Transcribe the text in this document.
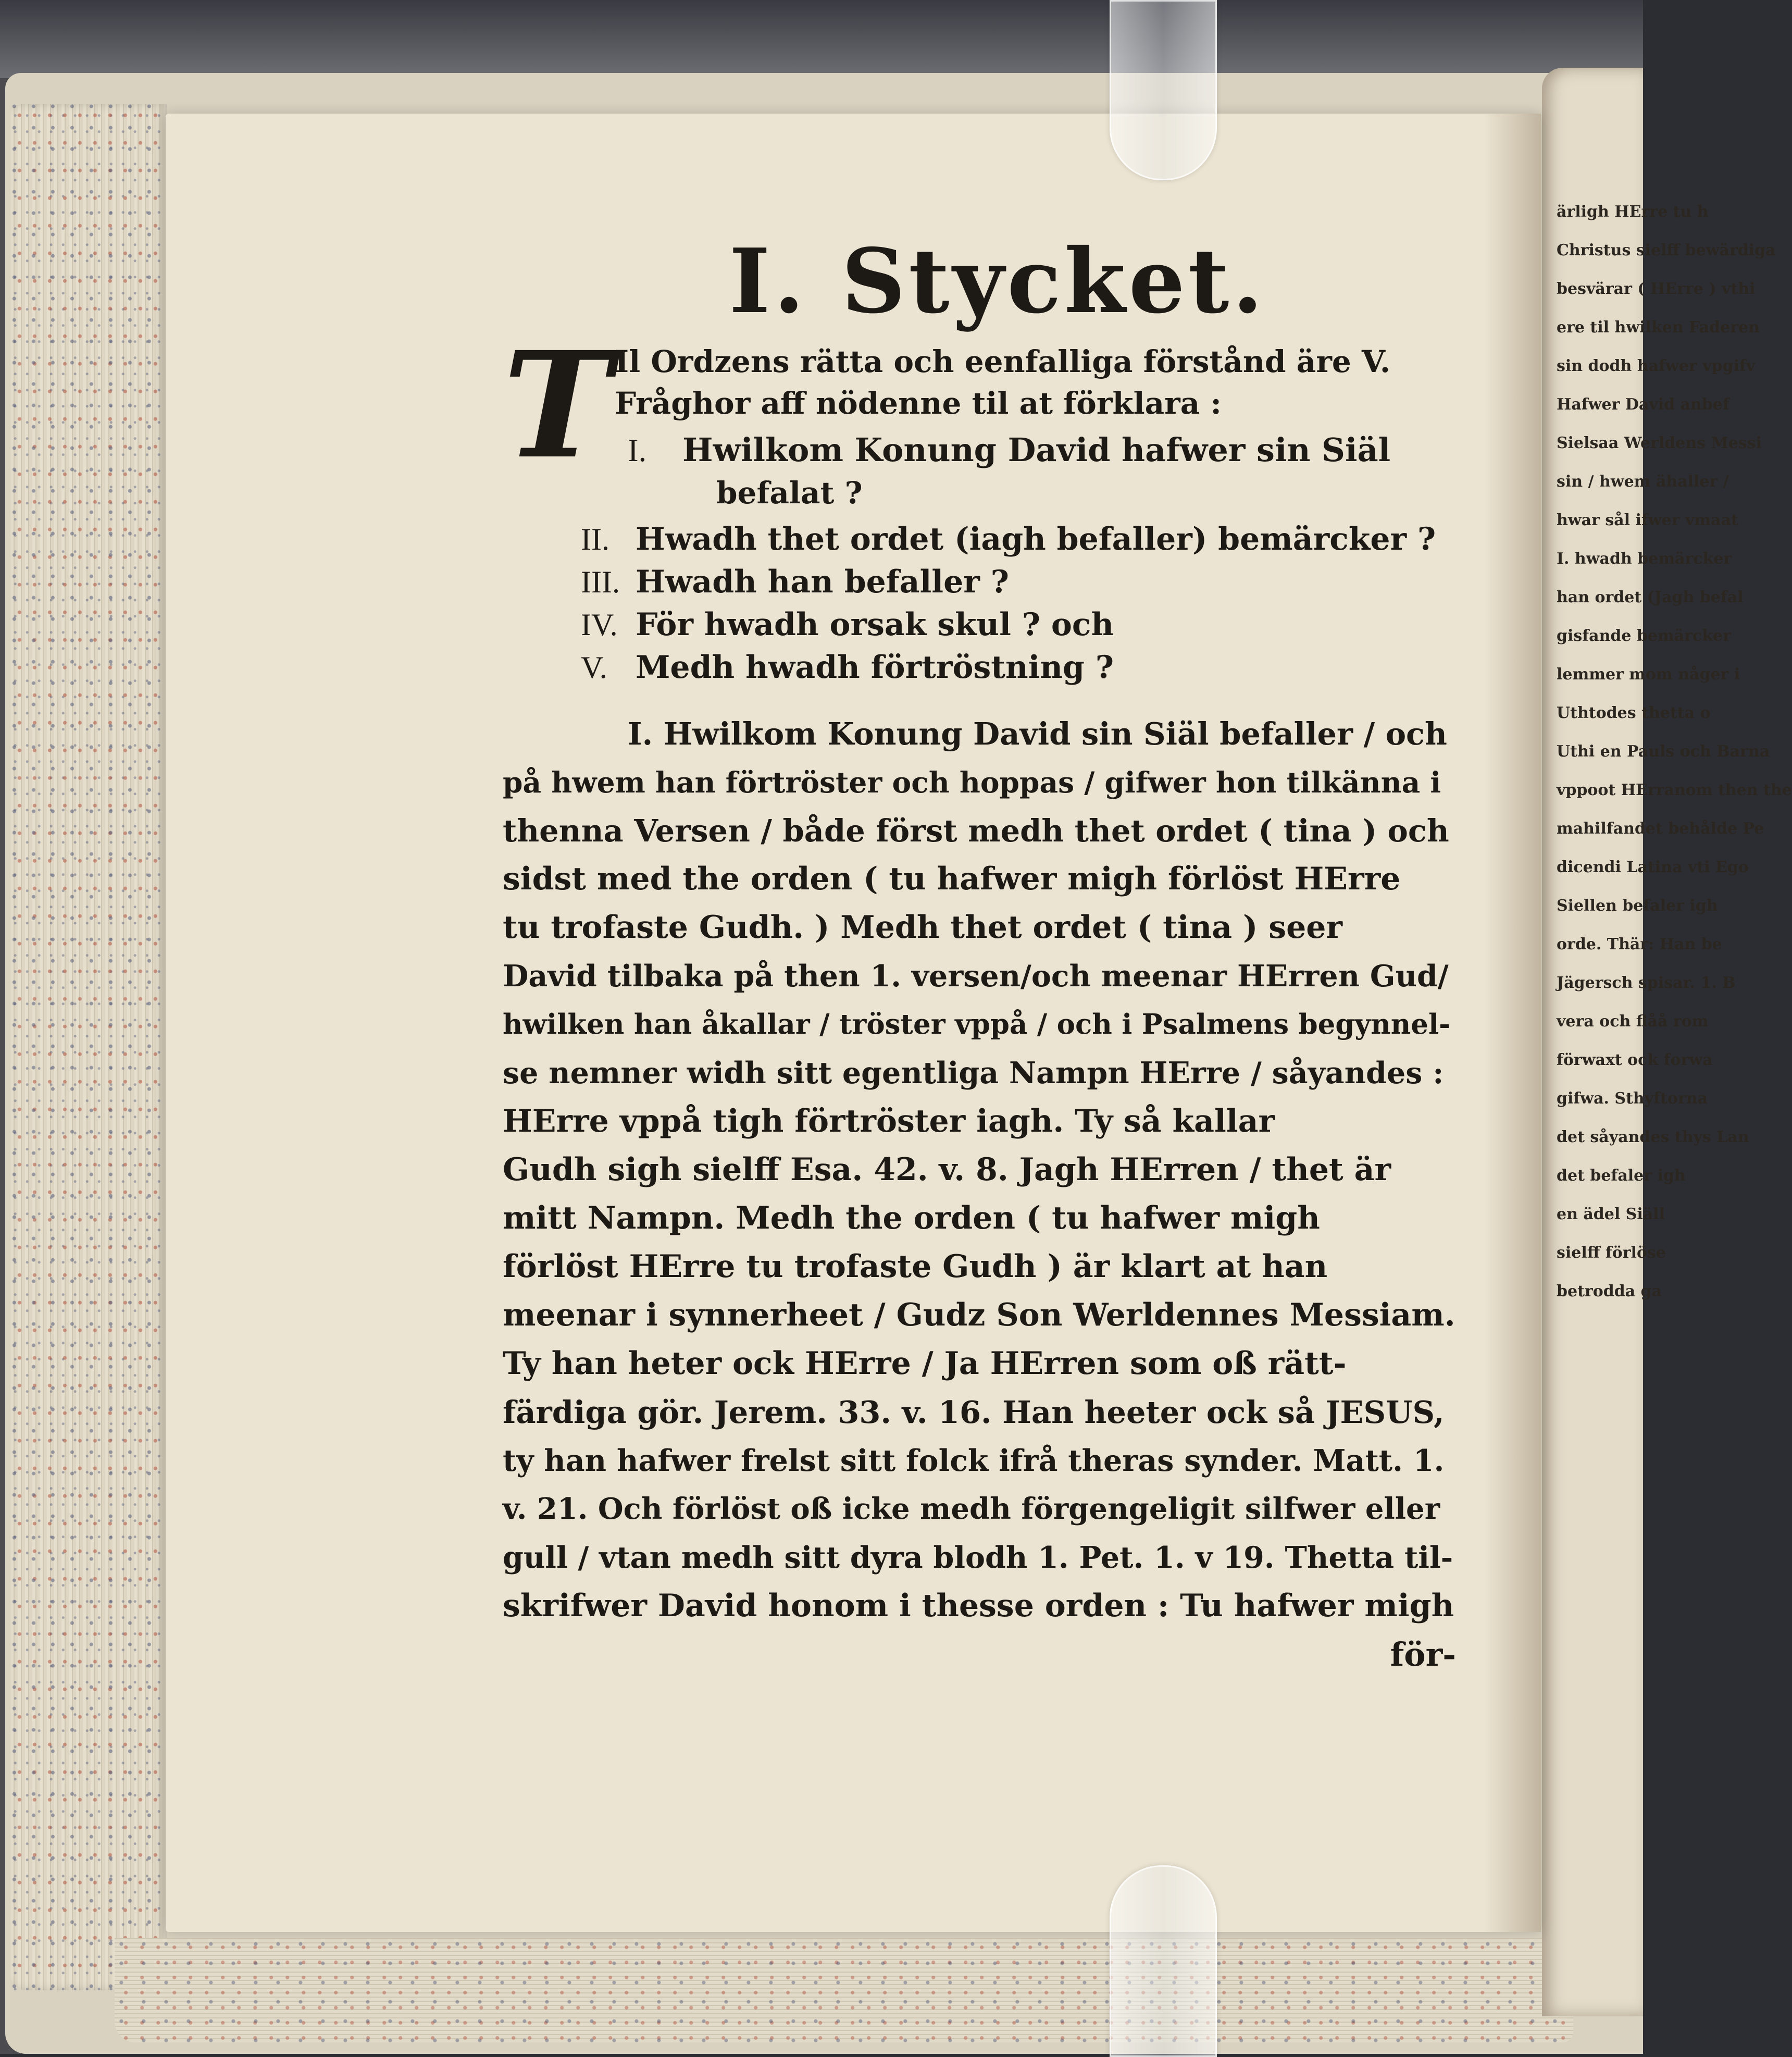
ärligh HErre tu h
Christus sielff bewärdiga
besvärar ( HErre ) vthi
ere til hwilken Faderen
sin dodh hafwer vpgifv
Hafwer David anbef
Sielsaa Werldens Messi
sin / hwem ähaller /
hwar sål ifwer vmaat
I. hwadh bemärcker
han ordet (Jagh befal
gisfande bemärcker
lemmer mom någer i
Uthtodes thetta o
Uthi en Pauls och Barna
vppoot HErranom then the
mahilfandet behålde Pe
dicendi Latina vti Ego
Siellen befaler igh
orde. Thär: Han be
Jägersch spisar. 1. B
vera och flåå rom
förwaxt ock forwa
gifwa. Sthyftorna
det såyandes thys Lan
det befaler igh
en ädel Siäll
sielff förlöse
betrodda ga
I. Stycket.
T Il Ordzens rätta och eenfalliga förstånd äre V.
Fråghor aff nödenne til at förklara :
I. Hwilkom Konung David hafwer sin Siäl
befalat ?
II. Hwadh thet ordet (iagh befaller) bemärcker ?
III. Hwadh han befaller ?
IV. För hwadh orsak skul ? och
V. Medh hwadh förtröstning ?
I. Hwilkom Konung David sin Siäl befaller / och
på hwem han förtröster och hoppas / gifwer hon tilkänna i
thenna Versen / både först medh thet ordet ( tina ) och
sidst med the orden ( tu hafwer migh förlöst HErre
tu trofaste Gudh. ) Medh thet ordet ( tina ) seer
David tilbaka på then 1. versen/och meenar HErren Gud/
hwilken han åkallar / tröster vppå / och i Psalmens begynnel-
se nemner widh sitt egentliga Nampn HErre / såyandes :
HErre vppå tigh förtröster iagh. Ty så kallar
Gudh sigh sielff Esa. 42. v. 8. Jagh HErren / thet är
mitt Nampn. Medh the orden ( tu hafwer migh
förlöst HErre tu trofaste Gudh ) är klart at han
meenar i synnerheet / Gudz Son Werldennes Messiam.
Ty han heter ock HErre / Ja HErren som oß rätt-
färdiga gör. Jerem. 33. v. 16. Han heeter ock så JESUS,
ty han hafwer frelst sitt folck ifrå theras synder. Matt. 1.
v. 21. Och förlöst oß icke medh förgengeligit silfwer eller
gull / vtan medh sitt dyra blodh 1. Pet. 1. v 19. Thetta til-
skrifwer David honom i thesse orden : Tu hafwer migh
för-
